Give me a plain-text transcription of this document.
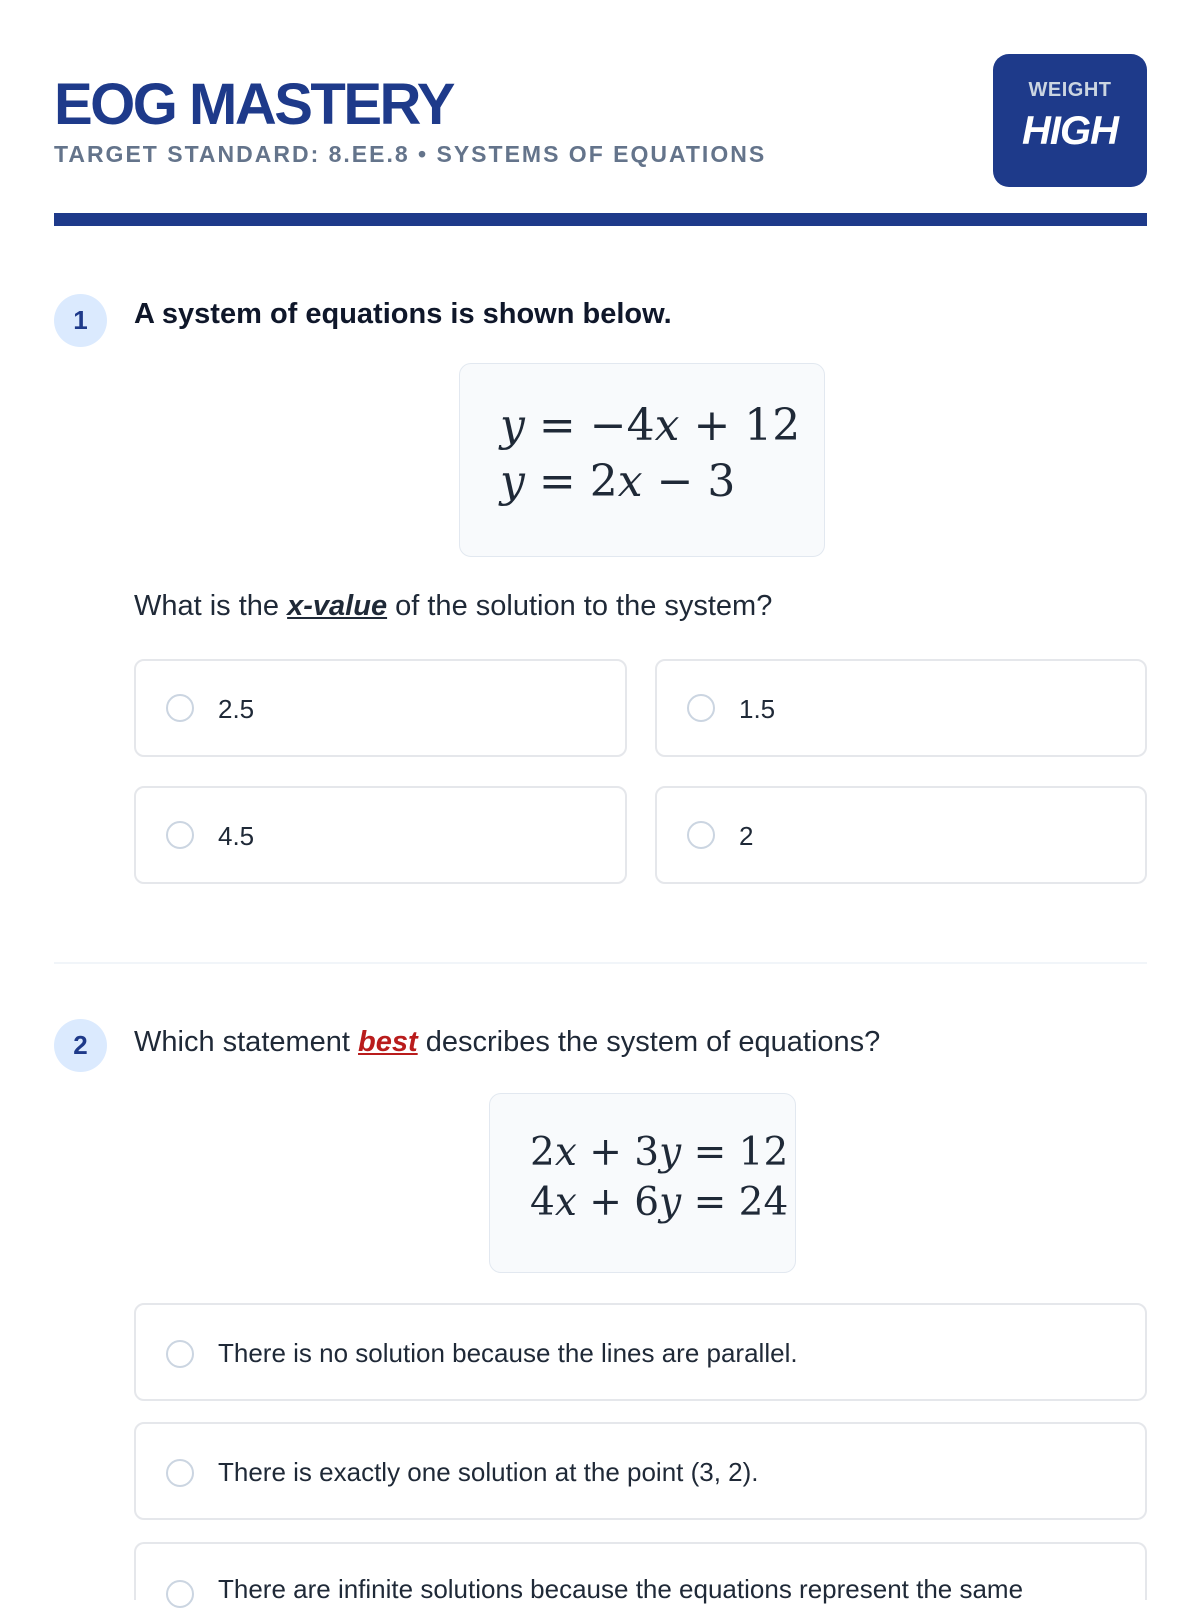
EOG MASTERY
TARGET STANDARD: 8.EE.8 • SYSTEMS OF EQUATIONS
WEIGHT
HIGH
1	A system of equations is shown below.
y = −4x + 12
y = 2x − 3
What is the x-value of the solution to the system?
2.5	1.5
4.5	2
2	Which statement best describes the system of equations?
2x + 3y = 12
4x + 6y = 24
There is no solution because the lines are parallel.
There is exactly one solution at the point (3, 2).
There are infinite solutions because the equations represent the same
